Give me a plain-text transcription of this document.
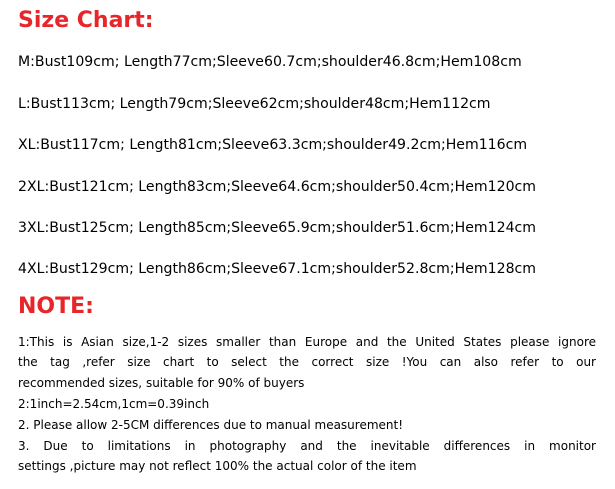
Size Chart:

M:Bust109cm; Length77cm;Sleeve60.7cm;shoulder46.8cm;Hem108cm

L:Bust113cm; Length79cm;Sleeve62cm;shoulder48cm;Hem112cm

XL:Bust117cm; Length81cm;Sleeve63.3cm;shoulder49.2cm;Hem116cm

2XL:Bust121cm; Length83cm;Sleeve64.6cm;shoulder50.4cm;Hem120cm

3XL:Bust125cm; Length85cm;Sleeve65.9cm;shoulder51.6cm;Hem124cm

4XL:Bust129cm; Length86cm;Sleeve67.1cm;shoulder52.8cm;Hem128cm

NOTE:

1:This is Asian size,1-2 sizes smaller than Europe and the United States please ignore

the tag ,refer size chart to select the correct size !You can also refer to our

recommended sizes, suitable for 90% of buyers

2:1inch=2.54cm,1cm=0.39inch

2. Please allow 2-5CM differences due to manual measurement!

3. Due to limitations in photography and the inevitable differences in monitor

settings ,picture may not reflect 100% the actual color of the item
